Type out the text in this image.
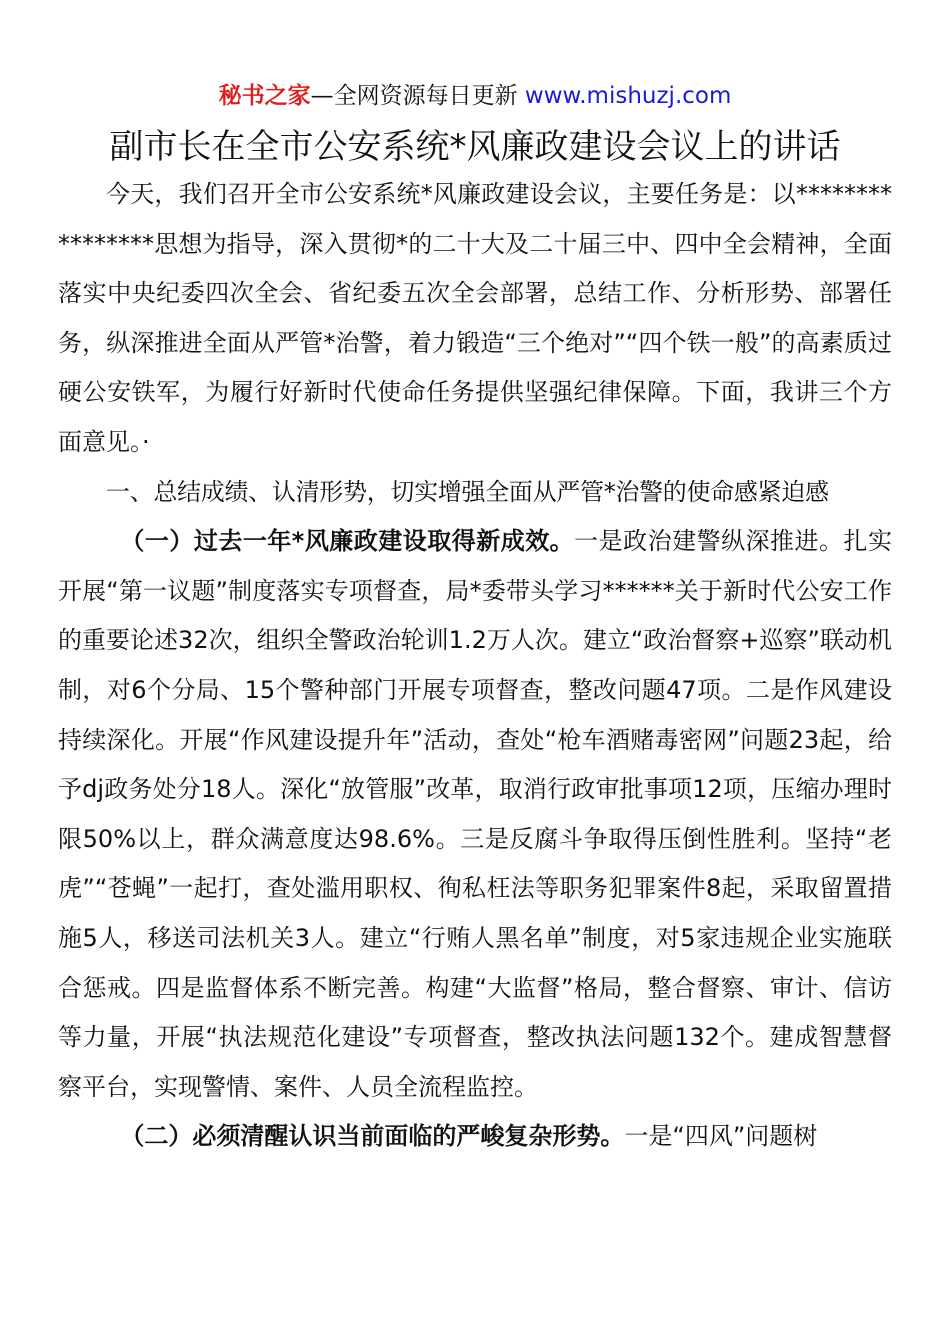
秘书之家—全网资源每日更新 www.mishuzj.com
副市长在全市公安系统*风廉政建设会议上的讲话

今天，我们召开全市公安系统*风廉政建设会议，主要任务是：以****************思想为指导，深入贯彻*的二十大及二十届三中、四中全会精神，全面落实中央纪委四次全会、省纪委五次全会部署，总结工作、分析形势、部署任务，纵深推进全面从严管*治警，着力锻造“三个绝对”“四个铁一般”的高素质过硬公安铁军，为履行好新时代使命任务提供坚强纪律保障。下面，我讲三个方面意见。·

一、总结成绩、认清形势，切实增强全面从严管*治警的使命感紧迫感

（一）过去一年*风廉政建设取得新成效。一是政治建警纵深推进。扎实开展“第一议题”制度落实专项督查，局*委带头学习******关于新时代公安工作的重要论述32次，组织全警政治轮训1.2万人次。建立“政治督察+巡察”联动机制，对6个分局、15个警种部门开展专项督查，整改问题47项。二是作风建设持续深化。开展“作风建设提升年”活动，查处“枪车酒赌毒密网”问题23起，给予dj政务处分18人。深化“放管服”改革，取消行政审批事项12项，压缩办理时限50%以上，群众满意度达98.6%。三是反腐斗争取得压倒性胜利。坚持“老虎”“苍蝇”一起打，查处滥用职权、徇私枉法等职务犯罪案件8起，采取留置措施5人，移送司法机关3人。建立“行贿人黑名单”制度，对5家违规企业实施联合惩戒。四是监督体系不断完善。构建“大监督”格局，整合督察、审计、信访等力量，开展“执法规范化建设”专项督查，整改执法问题132个。建成智慧督察平台，实现警情、案件、人员全流程监控。

（二）必须清醒认识当前面临的严峻复杂形势。一是“四风”问题树
